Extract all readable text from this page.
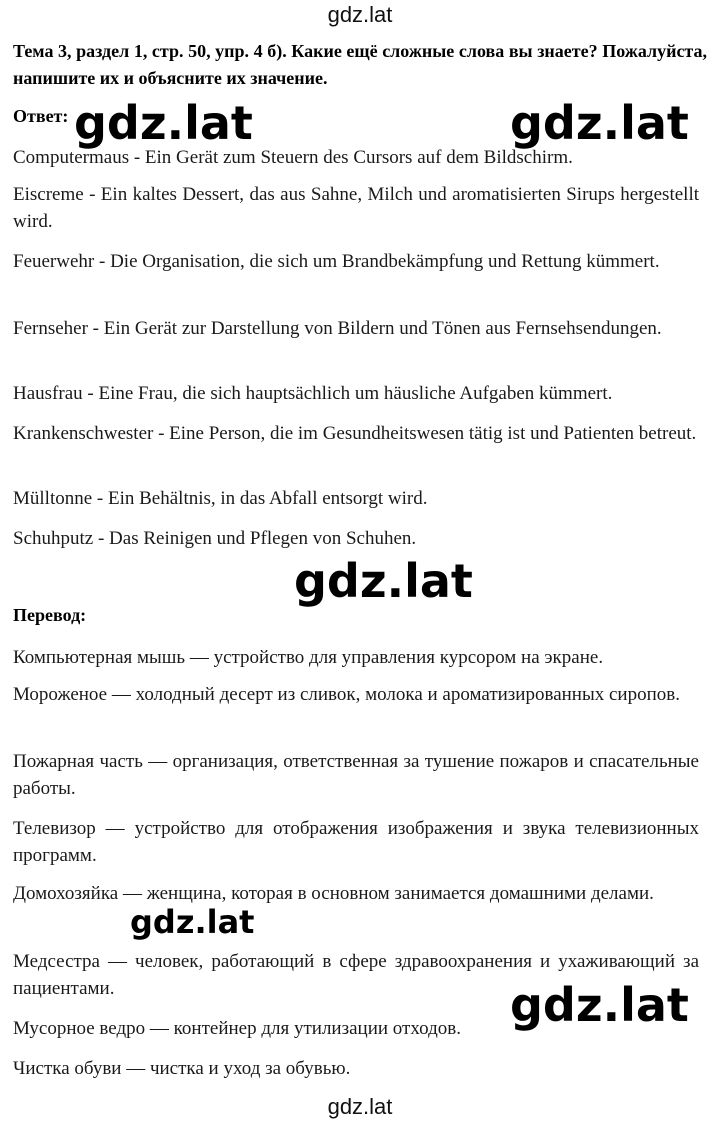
gdz.lat
Тема 3, раздел 1, стр. 50, упр. 4 б). Какие ещё сложные слова вы знаете? Пожалуйста, напишите их и объясните их значение.
Ответ:

Computermaus - Ein Gerät zum Steuern des Cursors auf dem Bildschirm.

Eiscreme - Ein kaltes Dessert, das aus Sahne, Milch und aromatisierten Sirups hergestellt wird.

Feuerwehr - Die Organisation, die sich um Brandbekämpfung und Rettung kümmert.

Fernseher - Ein Gerät zur Darstellung von Bildern und Tönen aus Fernsehsendungen.

Hausfrau - Eine Frau, die sich hauptsächlich um häusliche Aufgaben kümmert.

Krankenschwester - Eine Person, die im Gesundheitswesen tätig ist und Patienten betreut.

Mülltonne - Ein Behältnis, in das Abfall entsorgt wird.

Schuhputz - Das Reinigen und Pflegen von Schuhen.

Перевод:

Компьютерная мышь — устройство для управления курсором на экране.

Мороженое — холодный десерт из сливок, молока и ароматизированных сиропов.

Пожарная часть — организация, ответственная за тушение пожаров и спасательные работы.

Телевизор — устройство для отображения изображения и звука телевизионных программ.

Домохозяйка — женщина, которая в основном занимается домашними делами.

Медсестра — человек, работающий в сфере здравоохранения и ухаживающий за пациентами.

Мусорное ведро — контейнер для утилизации отходов.

Чистка обуви — чистка и уход за обувью.

gdz.lat	gdz.lat
gdz.lat
gdz.lat
gdz.lat
gdz.lat
